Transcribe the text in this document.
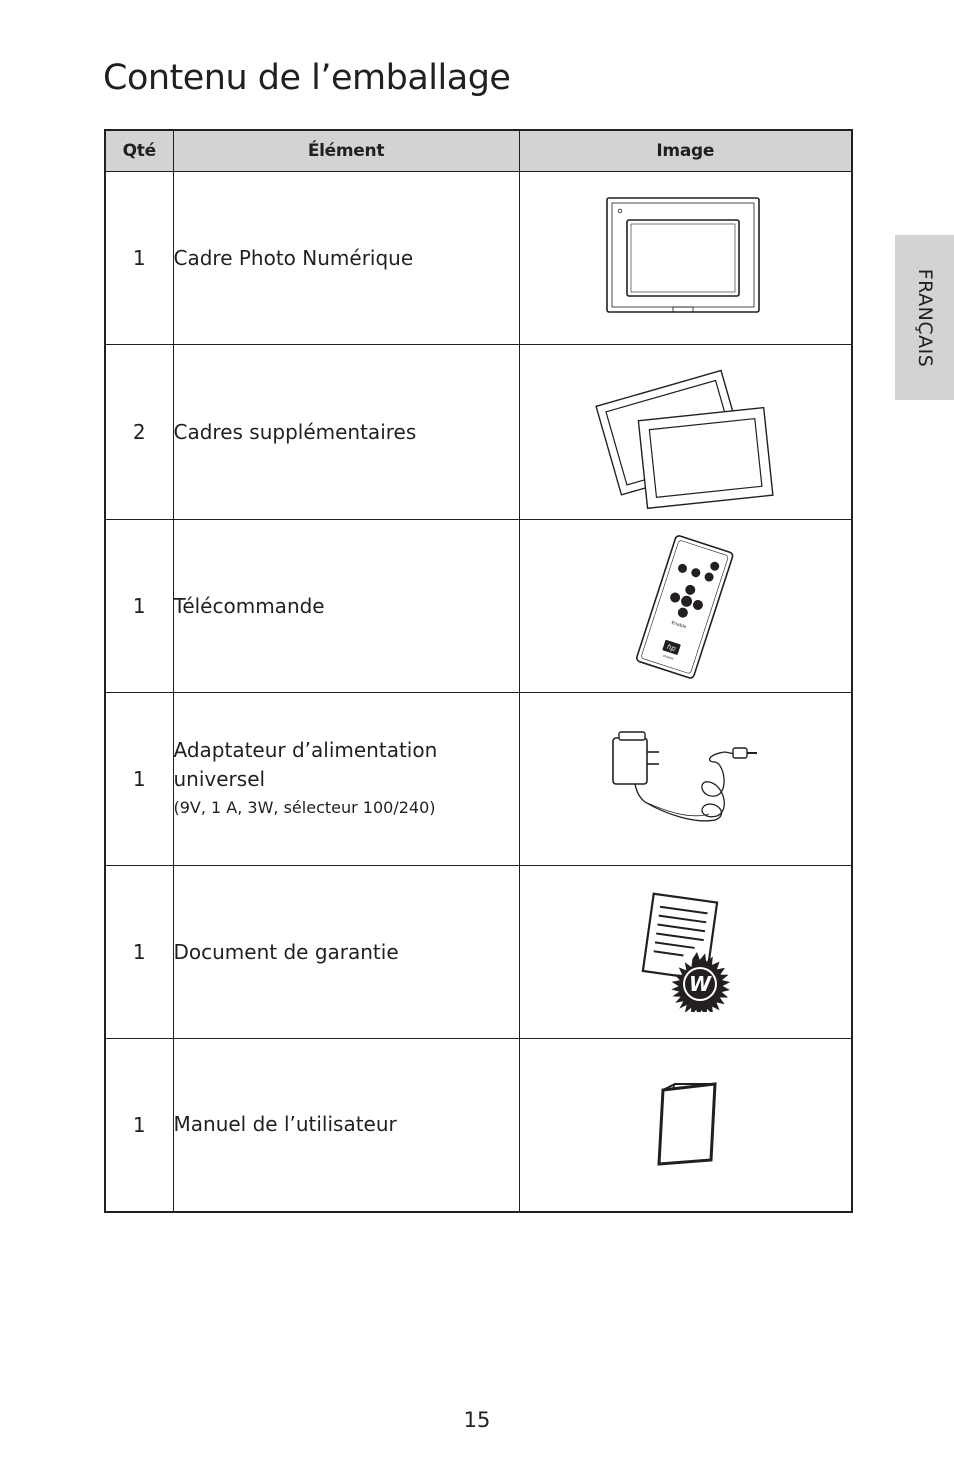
Contenu de l’emballage
FRANÇAIS
Qté	Élément	Image
1	Cadre Photo Numérique	

2	Cadres supplémentaires	

1	Télécommande	Enable
hp
invent

1	Adaptateur d’alimentation universel
(9V, 1 A, 3W, sélecteur 100/240)

1	Document de garantie	W

1	Manuel de l’utilisateur	
15
